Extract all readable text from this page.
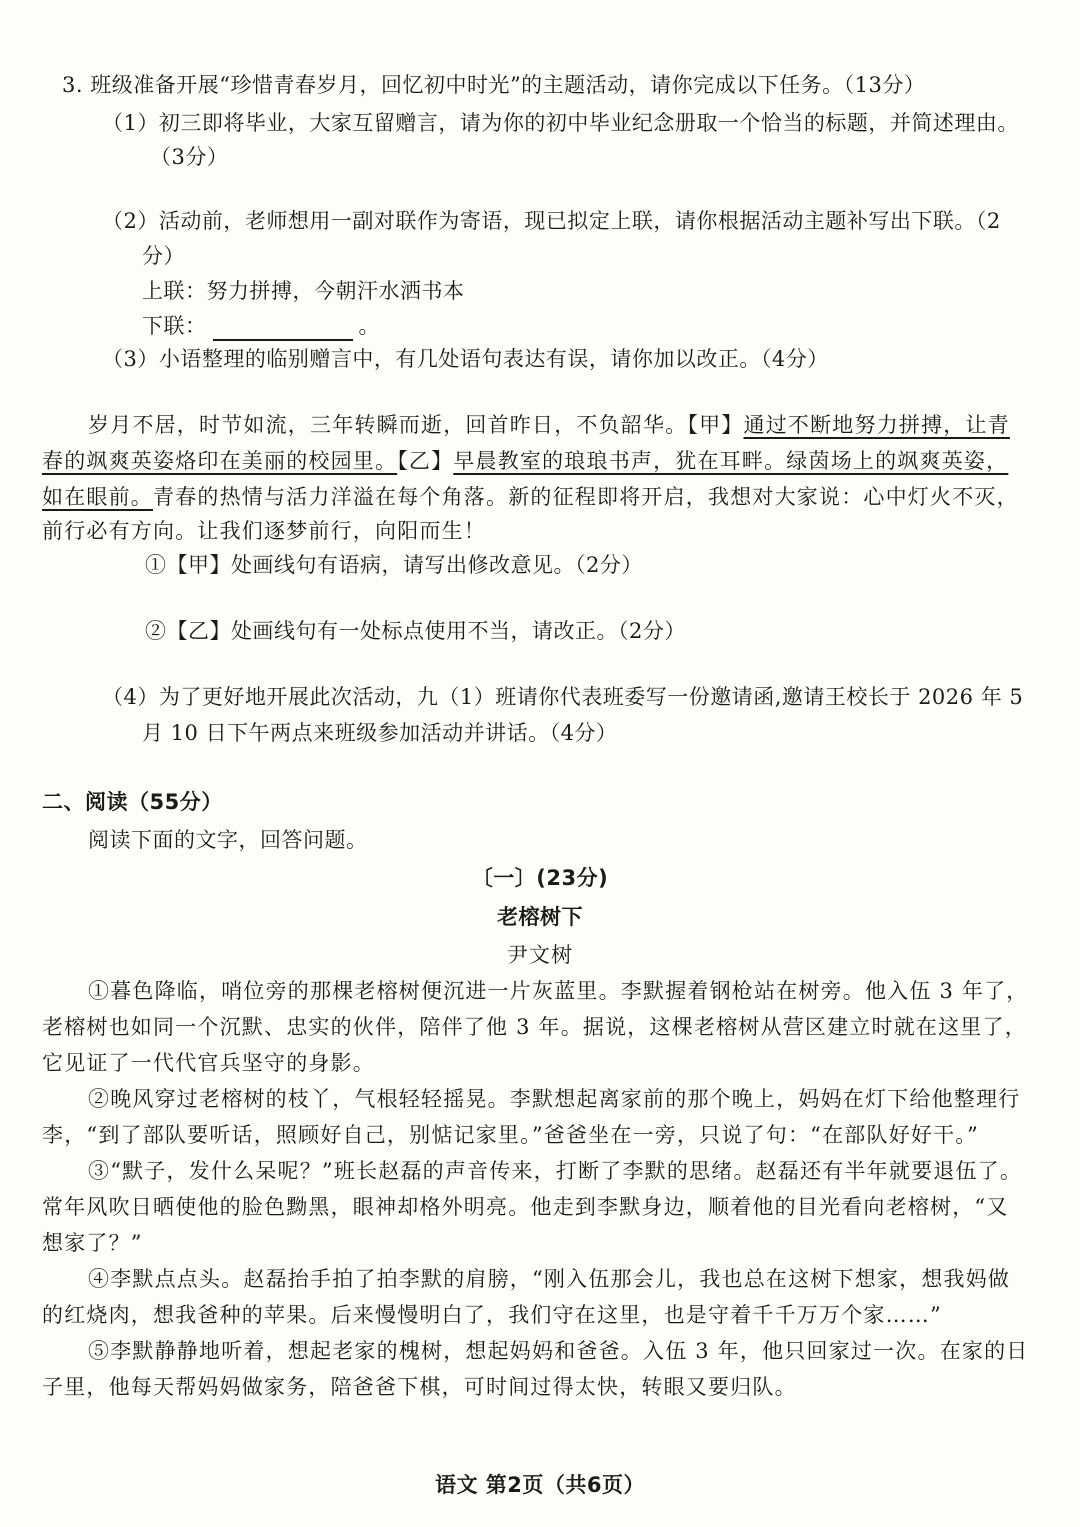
3. 班级准备开展“珍惜青春岁月，回忆初中时光”的主题活动，请你完成以下任务。（13分）
（1）初三即将毕业，大家互留赠言，请为你的初中毕业纪念册取一个恰当的标题，并简述理由。
（3分）
（2）活动前，老师想用一副对联作为寄语，现已拟定上联，请你根据活动主题补写出下联。（2
分）
上联：努力拼搏，今朝汗水洒书本
下联：	。
（3）小语整理的临别赠言中，有几处语句表达有误，请你加以改正。（4分）
岁月不居，时节如流，三年转瞬而逝，回首昨日，不负韶华。【甲】通过不断地努力拼搏，让青
春的飒爽英姿烙印在美丽的校园里。【乙】早晨教室的琅琅书声，犹在耳畔。绿茵场上的飒爽英姿，
如在眼前。青春的热情与活力洋溢在每个角落。新的征程即将开启，我想对大家说：心中灯火不灭，
前行必有方向。让我们逐梦前行，向阳而生！
①【甲】处画线句有语病，请写出修改意见。（2分）
②【乙】处画线句有一处标点使用不当，请改正。（2分）
（4）为了更好地开展此次活动，九（1）班请你代表班委写一份邀请函,邀请王校长于 2026 年 5
月 10 日下午两点来班级参加活动并讲话。（4分）
二、阅读（55分）
阅读下面的文字，回答问题。
〔一〕(23分)
老榕树下
尹文树
①暮色降临，哨位旁的那棵老榕树便沉进一片灰蓝里。李默握着钢枪站在树旁。他入伍 3 年了，
老榕树也如同一个沉默、忠实的伙伴，陪伴了他 3 年。据说，这棵老榕树从营区建立时就在这里了，
它见证了一代代官兵坚守的身影。
②晚风穿过老榕树的枝丫，气根轻轻摇晃。李默想起离家前的那个晚上，妈妈在灯下给他整理行
李，“到了部队要听话，照顾好自己，别惦记家里。”爸爸坐在一旁，只说了句：“在部队好好干。”
③“默子，发什么呆呢？”班长赵磊的声音传来，打断了李默的思绪。赵磊还有半年就要退伍了。
常年风吹日晒使他的脸色黝黑，眼神却格外明亮。他走到李默身边，顺着他的目光看向老榕树，“又
想家了？”
④李默点点头。赵磊抬手拍了拍李默的肩膀，“刚入伍那会儿，我也总在这树下想家，想我妈做
的红烧肉，想我爸种的苹果。后来慢慢明白了，我们守在这里，也是守着千千万万个家……”
⑤李默静静地听着，想起老家的槐树，想起妈妈和爸爸。入伍 3 年，他只回家过一次。在家的日
子里，他每天帮妈妈做家务，陪爸爸下棋，可时间过得太快，转眼又要归队。
语文 第2页（共6页）
